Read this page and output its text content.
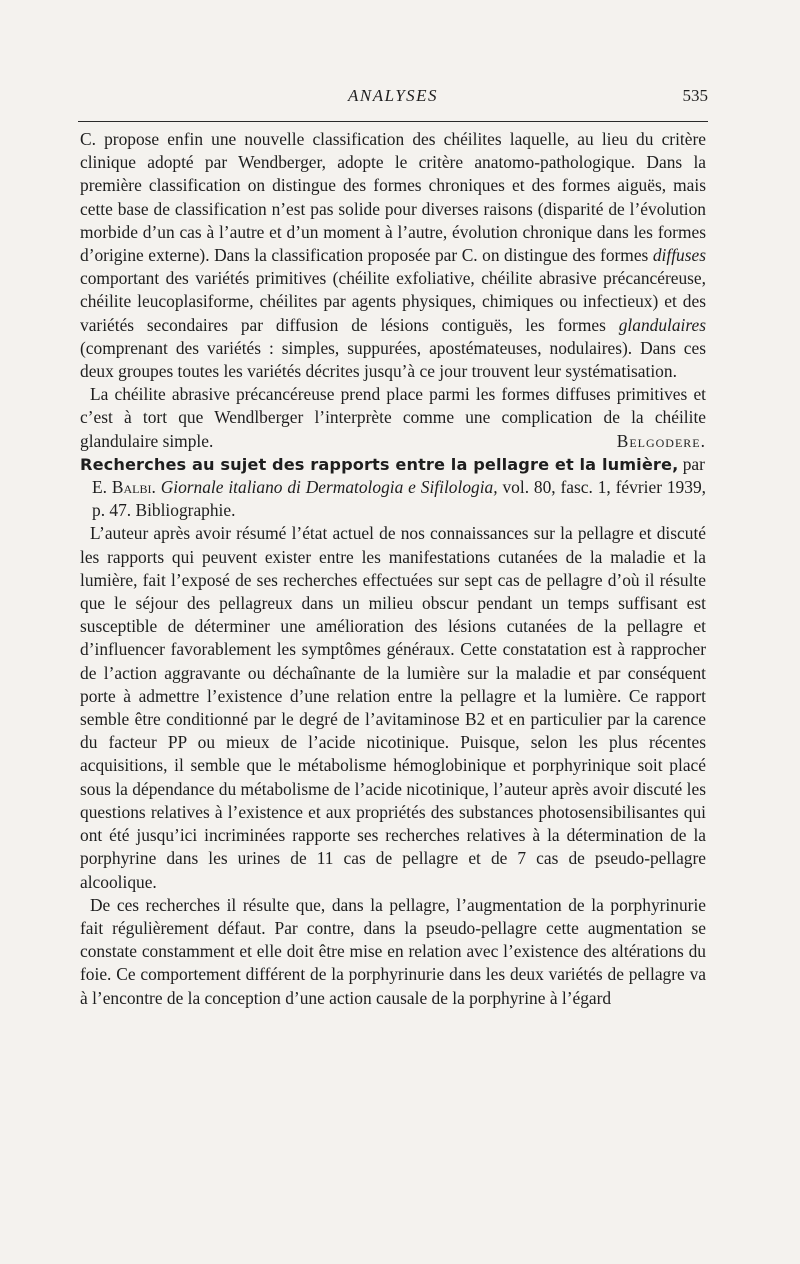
ANALYSES	535

C. propose enfin une nouvelle classification des chéilites laquelle, au lieu du critère clinique adopté par Wendberger, adopte le critère anatomo-pathologique. Dans la première classification on distingue des formes chroniques et des formes aiguës, mais cette base de classification n’est pas solide pour diverses raisons (disparité de l’évolution morbide d’un cas à l’autre et d’un moment à l’autre, évolution chronique dans les formes d’origine externe). Dans la classification proposée par C. on distingue des formes diffuses comportant des variétés primitives (chéilite exfoliative, chéilite abrasive précancéreuse, chéilite leucoplasiforme, chéilites par agents physiques, chimiques ou infectieux) et des variétés secondaires par diffusion de lésions contiguës, les formes glandulaires (comprenant des variétés : simples, suppurées, apostémateuses, nodulaires). Dans ces deux groupes toutes les variétés décrites jusqu’à ce jour trouvent leur systématisation.

La chéilite abrasive précancéreuse prend place parmi les formes diffuses primitives et c’est à tort que Wendlberger l’interprète comme une complication de la chéilite glandulaire simple.	Belgodere.

Recherches au sujet des rapports entre la pellagre et la lumière, par
E. Balbi. Giornale italiano di Dermatologia e Sifilologia, vol. 80, fasc. 1, février 1939, p. 47. Bibliographie.

L’auteur après avoir résumé l’état actuel de nos connaissances sur la pellagre et discuté les rapports qui peuvent exister entre les manifestations cutanées de la maladie et la lumière, fait l’exposé de ses recherches effectuées sur sept cas de pellagre d’où il résulte que le séjour des pellagreux dans un milieu obscur pendant un temps suffisant est susceptible de déterminer une amélioration des lésions cutanées de la pellagre et d’influencer favorablement les symptômes généraux. Cette constatation est à rapprocher de l’action aggravante ou déchaînante de la lumière sur la maladie et par conséquent porte à admettre l’existence d’une relation entre la pellagre et la lumière. Ce rapport semble être conditionné par le degré de l’avitaminose B2 et en particulier par la carence du facteur PP ou mieux de l’acide nicotinique. Puisque, selon les plus récentes acquisitions, il semble que le métabolisme hémoglobinique et porphyrinique soit placé sous la dépendance du métabolisme de l’acide nicotinique, l’auteur après avoir discuté les questions relatives à l’existence et aux propriétés des substances photosensibilisantes qui ont été jusqu’ici incriminées rapporte ses recherches relatives à la détermination de la porphyrine dans les urines de 11 cas de pellagre et de 7 cas de pseudo-pellagre alcoolique.

De ces recherches il résulte que, dans la pellagre, l’augmentation de la porphyrinurie fait régulièrement défaut. Par contre, dans la pseudo-pellagre cette augmentation se constate constamment et elle doit être mise en relation avec l’existence des altérations du foie. Ce comportement différent de la porphyrinurie dans les deux variétés de pellagre va à l’encontre de la conception d’une action causale de la porphyrine à l’égard
